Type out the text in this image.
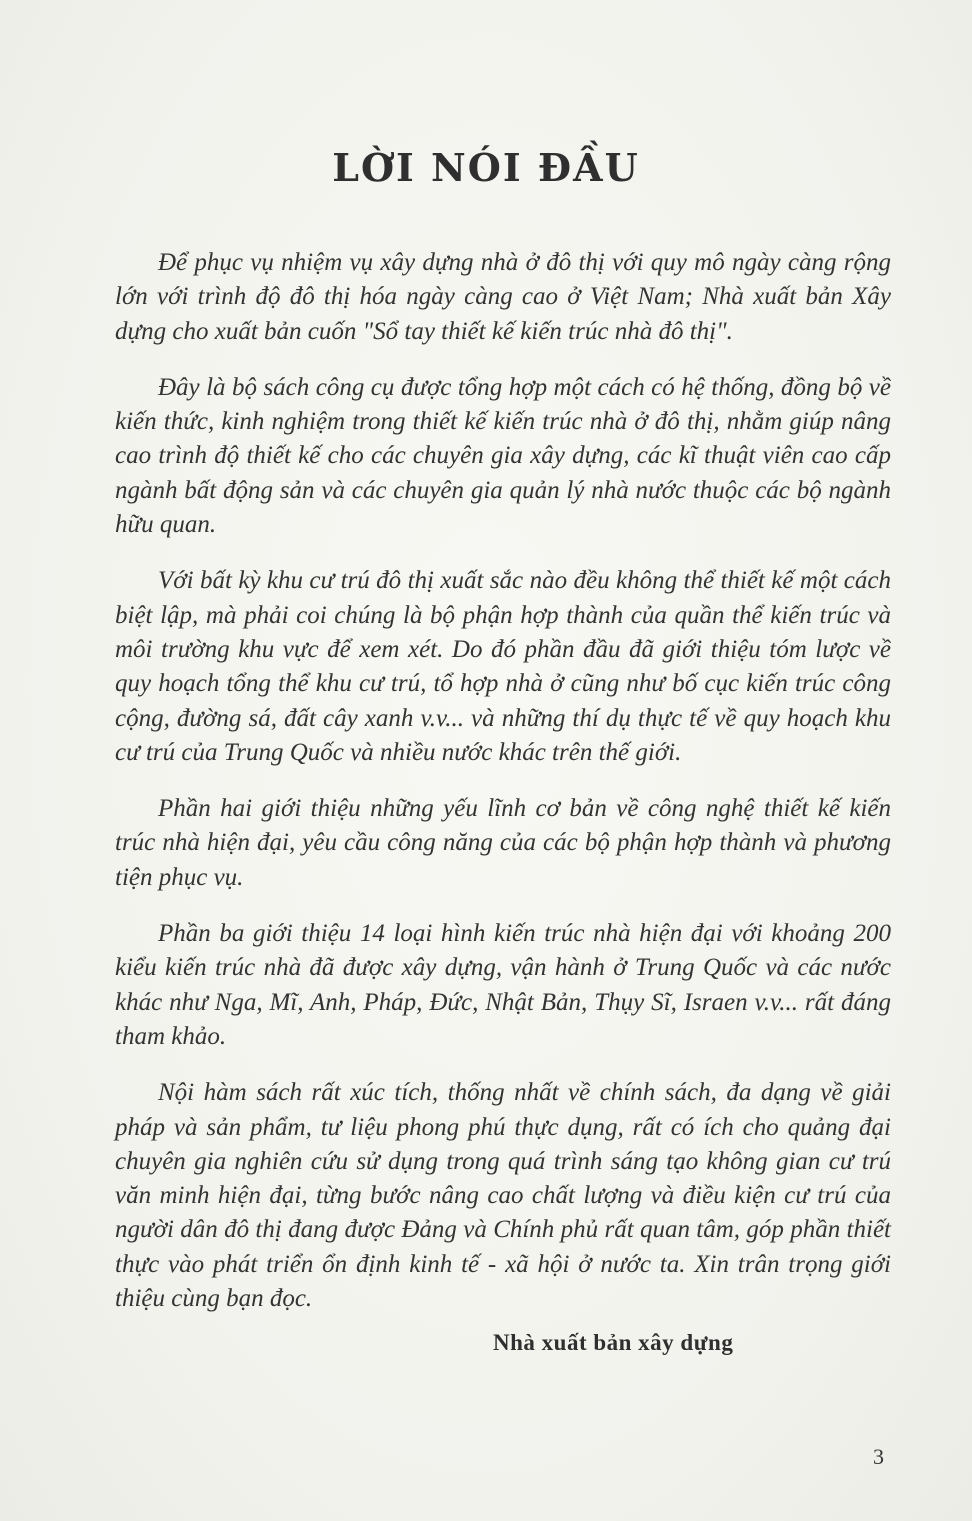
LỜI NÓI ĐẦU

Để phục vụ nhiệm vụ xây dựng nhà ở đô thị với quy mô ngày càng rộng lớn với trình độ đô thị hóa ngày càng cao ở Việt Nam; Nhà xuất bản Xây dựng cho xuất bản cuốn "Sổ tay thiết kế kiến trúc nhà đô thị".

Đây là bộ sách công cụ được tổng hợp một cách có hệ thống, đồng bộ về kiến thức, kinh nghiệm trong thiết kế kiến trúc nhà ở đô thị, nhằm giúp nâng cao trình độ thiết kế cho các chuyên gia xây dựng, các kĩ thuật viên cao cấp ngành bất động sản và các chuyên gia quản lý nhà nước thuộc các bộ ngành hữu quan.

Với bất kỳ khu cư trú đô thị xuất sắc nào đều không thể thiết kế một cách biệt lập, mà phải coi chúng là bộ phận hợp thành của quần thể kiến trúc và môi trường khu vực để xem xét. Do đó phần đầu đã giới thiệu tóm lược về quy hoạch tổng thể khu cư trú, tổ hợp nhà ở cũng như bố cục kiến trúc công cộng, đường sá, đất cây xanh v.v... và những thí dụ thực tế về quy hoạch khu cư trú của Trung Quốc và nhiều nước khác trên thế giới.

Phần hai giới thiệu những yếu lĩnh cơ bản về công nghệ thiết kế kiến trúc nhà hiện đại, yêu cầu công năng của các bộ phận hợp thành và phương tiện phục vụ.

Phần ba giới thiệu 14 loại hình kiến trúc nhà hiện đại với khoảng 200 kiểu kiến trúc nhà đã được xây dựng, vận hành ở Trung Quốc và các nước khác như Nga, Mĩ, Anh, Pháp, Đức, Nhật Bản, Thụy Sĩ, Israen v.v... rất đáng tham khảo.

Nội hàm sách rất xúc tích, thống nhất về chính sách, đa dạng về giải pháp và sản phẩm, tư liệu phong phú thực dụng, rất có ích cho quảng đại chuyên gia nghiên cứu sử dụng trong quá trình sáng tạo không gian cư trú văn minh hiện đại, từng bước nâng cao chất lượng và điều kiện cư trú của người dân đô thị đang được Đảng và Chính phủ rất quan tâm, góp phần thiết thực vào phát triển ổn định kinh tế - xã hội ở nước ta. Xin trân trọng giới thiệu cùng bạn đọc.

Nhà xuất bản xây dựng

3
